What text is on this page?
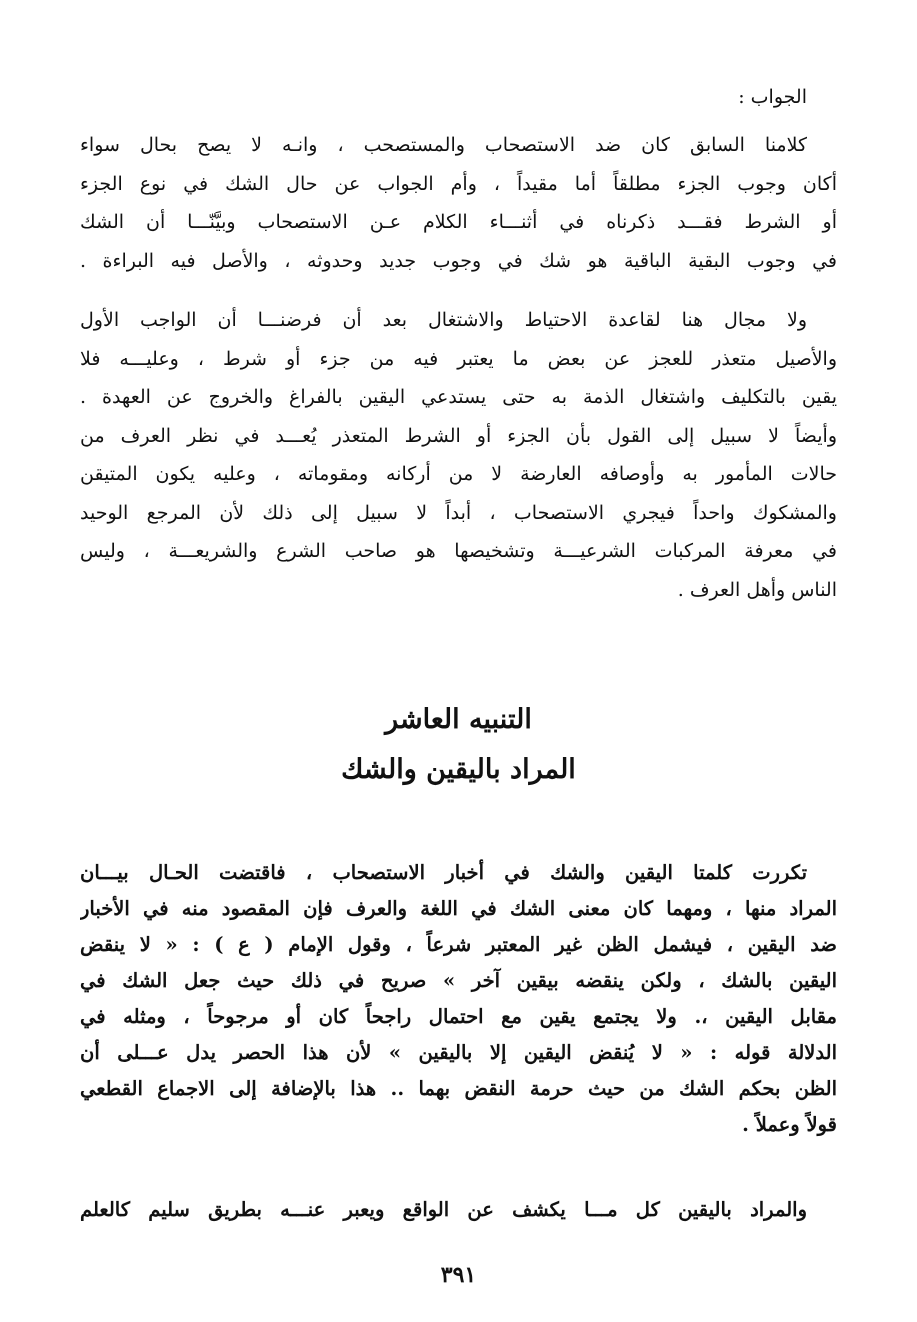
الجواب :
كلامنا السابق كان ضد الاستصحاب والمستصحب ، وانـه لا يصح بحال سواء
أكان وجوب الجزء مطلقاً أما مقيداً ، وأم الجواب عن حال الشك في نوع الجزء
أو الشرط فقـــد ذكرناه في أثنـــاء الكلام عـن الاستصحاب وبيَّنّـــا أن الشك
في وجوب البقية الباقية هو شك في وجوب جديد وحدوثه ، والأصل فيه البراءة .
ولا مجال هنا لقاعدة الاحتياط والاشتغال بعد أن فرضنـــا أن الواجب الأول
والأصيل متعذر للعجز عن بعض ما يعتبر فيه من جزء أو شرط ، وعليـــه فلا
يقين بالتكليف واشتغال الذمة به حتى يستدعي اليقين بالفراغ والخروج عن العهدة .
وأيضاً لا سبيل إلى القول بأن الجزء أو الشرط المتعذر يُعـــد في نظر العرف من
حالات المأمور به وأوصافه العارضة لا من أركانه ومقوماته ، وعليه يكون المتيقن
والمشكوك واحداً فيجري الاستصحاب ، أبداً لا سبيل إلى ذلك لأن المرجع الوحيد
في معرفة المركبات الشرعيـــة وتشخيصها هو صاحب الشرع والشريعـــة ، وليس
الناس وأهل العرف .
التنبيه العاشر
المراد باليقين والشك
تكررت كلمتا اليقين والشك في أخبار الاستصحاب ، فاقتضت الحـال بيـــان
المراد منها ، ومهما كان معنى الشك في اللغة والعرف فإن المقصود منه في الأخبار
ضد اليقين ، فيشمل الظن غير المعتبر شرعاً ، وقول الإمام ( ع ) : « لا ينقض
اليقين بالشك ، ولكن ينقضه بيقين آخر » صريح في ذلك حيث جعل الشك في
مقابل اليقين ،. ولا يجتمع يقين مع احتمال راجحاً كان أو مرجوحاً ، ومثله في
الدلالة قوله : « لا يُنقض اليقين إلا باليقين » لأن هذا الحصر يدل عـــلى أن
الظن بحكم الشك من حيث حرمة النقض بهما .. هذا بالإضافة إلى الاجماع القطعي
قولاً وعملاً .
والمراد باليقين كل مـــا يكشف عن الواقع ويعبر عنـــه بطريق سليم كالعلم
٣٩١
